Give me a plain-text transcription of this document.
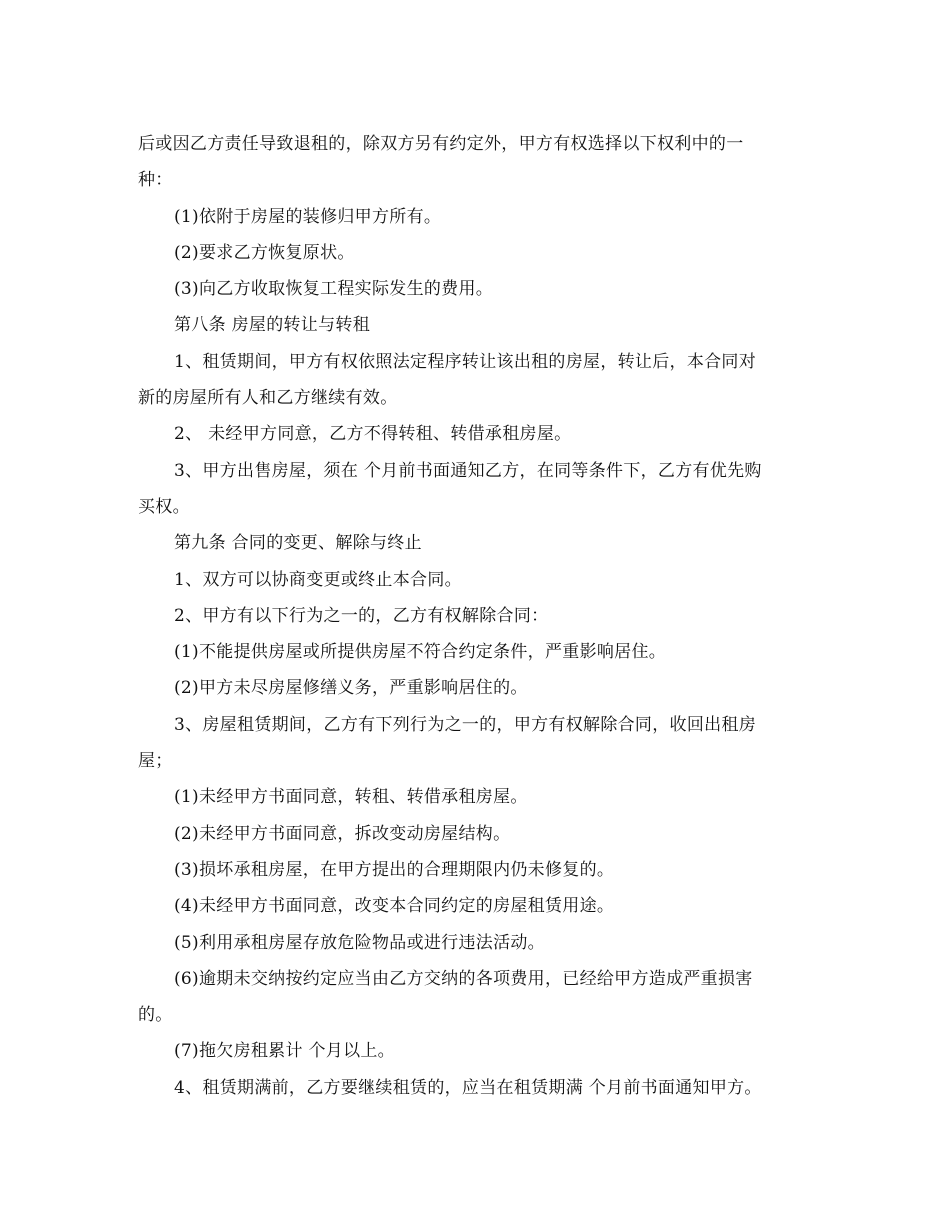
后或因乙方责任导致退租的，除双方另有约定外，甲方有权选择以下权利中的一

种：

(1)依附于房屋的装修归甲方所有。

(2)要求乙方恢复原状。

(3)向乙方收取恢复工程实际发生的费用。

第八条 房屋的转让与转租

1、租赁期间，甲方有权依照法定程序转让该出租的房屋，转让后，本合同对

新的房屋所有人和乙方继续有效。

2、 未经甲方同意，乙方不得转租、转借承租房屋。

3、甲方出售房屋，须在 个月前书面通知乙方，在同等条件下，乙方有优先购

买权。

第九条 合同的变更、解除与终止

1、双方可以协商变更或终止本合同。

2、甲方有以下行为之一的，乙方有权解除合同：

(1)不能提供房屋或所提供房屋不符合约定条件，严重影响居住。

(2)甲方未尽房屋修缮义务，严重影响居住的。

3、房屋租赁期间，乙方有下列行为之一的，甲方有权解除合同，收回出租房

屋；

(1)未经甲方书面同意，转租、转借承租房屋。

(2)未经甲方书面同意，拆改变动房屋结构。

(3)损坏承租房屋，在甲方提出的合理期限内仍未修复的。

(4)未经甲方书面同意，改变本合同约定的房屋租赁用途。

(5)利用承租房屋存放危险物品或进行违法活动。

(6)逾期未交纳按约定应当由乙方交纳的各项费用，已经给甲方造成严重损害

的。

(7)拖欠房租累计 个月以上。

4、租赁期满前，乙方要继续租赁的，应当在租赁期满 个月前书面通知甲方。
